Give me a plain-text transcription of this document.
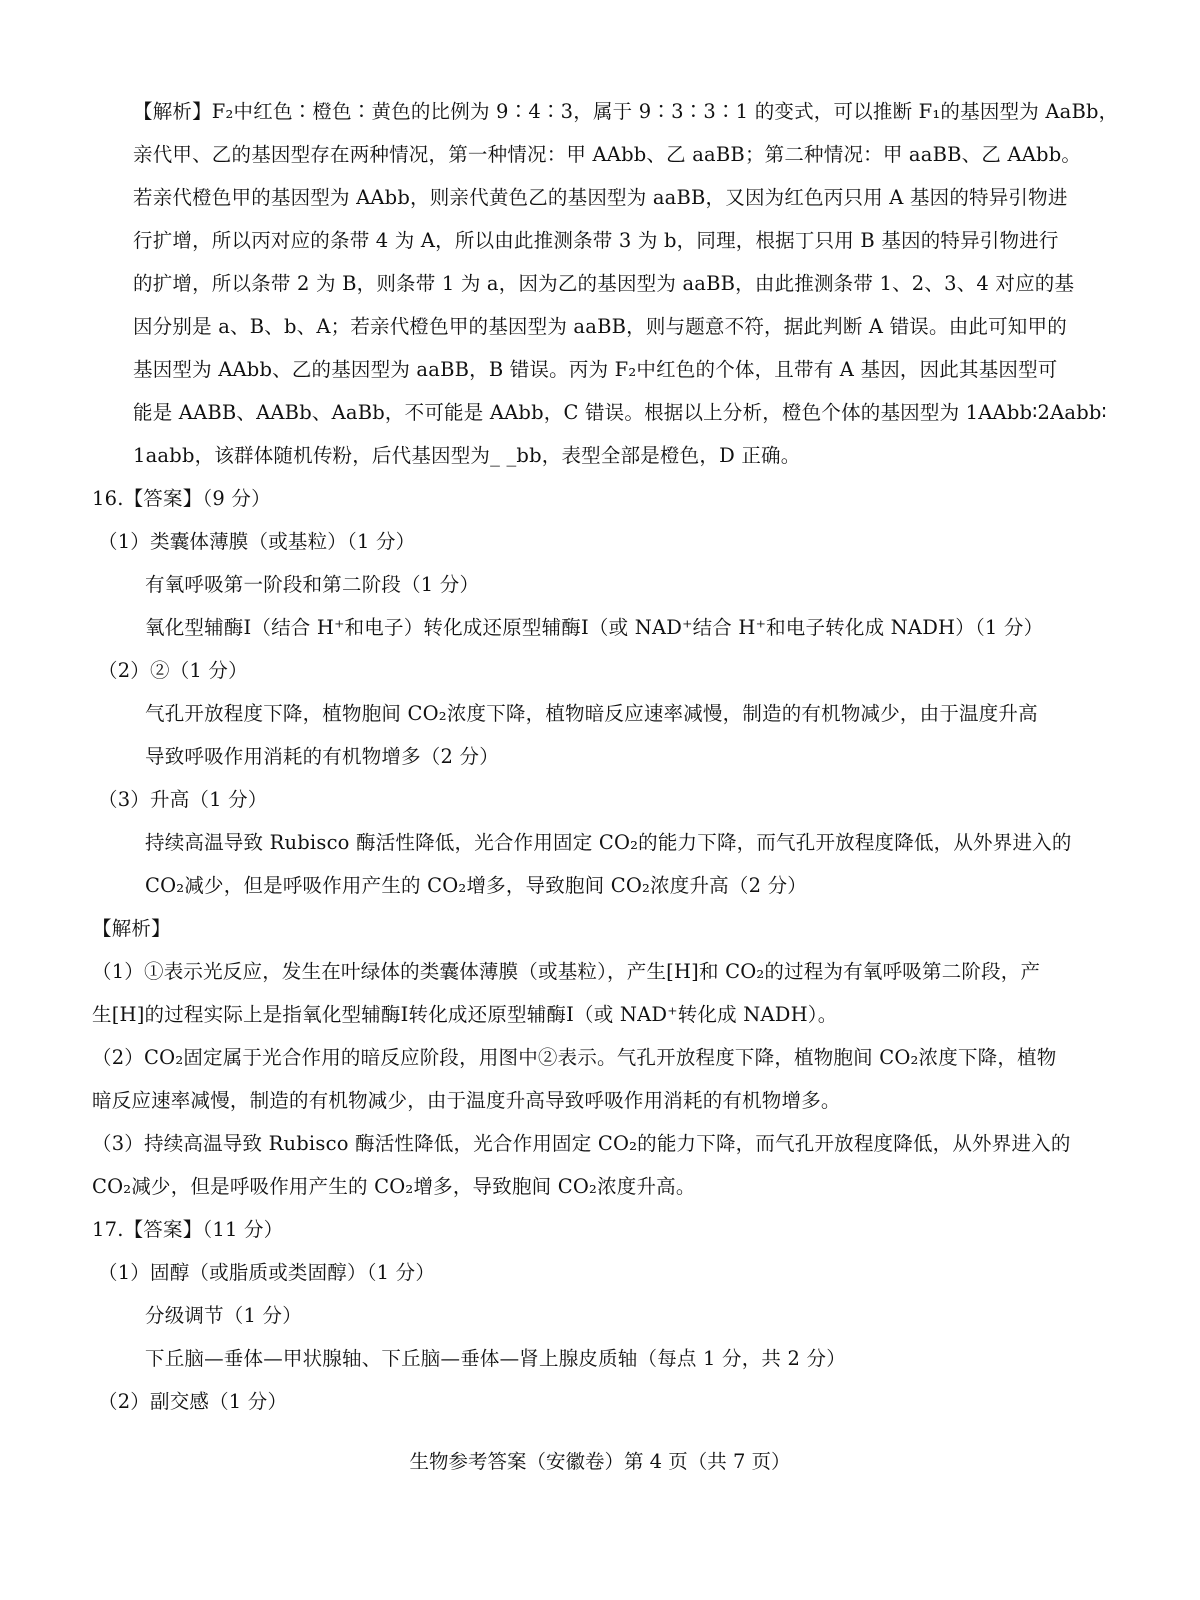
【解析】F₂中红色∶橙色∶黄色的比例为 9∶4∶3，属于 9∶3∶3∶1 的变式，可以推断 F₁的基因型为 AaBb，
亲代甲、乙的基因型存在两种情况，第一种情况：甲 AAbb、乙 aaBB；第二种情况：甲 aaBB、乙 AAbb。
若亲代橙色甲的基因型为 AAbb，则亲代黄色乙的基因型为 aaBB，又因为红色丙只用 A 基因的特异引物进
行扩增，所以丙对应的条带 4 为 A，所以由此推测条带 3 为 b，同理，根据丁只用 B 基因的特异引物进行
的扩增，所以条带 2 为 B，则条带 1 为 a，因为乙的基因型为 aaBB，由此推测条带 1、2、3、4 对应的基
因分别是 a、B、b、A；若亲代橙色甲的基因型为 aaBB，则与题意不符，据此判断 A 错误。由此可知甲的
基因型为 AAbb、乙的基因型为 aaBB，B 错误。丙为 F₂中红色的个体，且带有 A 基因，因此其基因型可
能是 AABB、AABb、AaBb，不可能是 AAbb，C 错误。根据以上分析，橙色个体的基因型为 1AAbb∶2Aabb∶
1aabb，该群体随机传粉，后代基因型为_ _bb，表型全部是橙色，D 正确。
16.【答案】（9 分）
（1）类囊体薄膜（或基粒）（1 分）
有氧呼吸第一阶段和第二阶段（1 分）
氧化型辅酶Ⅰ（结合 H⁺和电子）转化成还原型辅酶Ⅰ（或 NAD⁺结合 H⁺和电子转化成 NADH）（1 分）
（2）②（1 分）
气孔开放程度下降，植物胞间 CO₂浓度下降，植物暗反应速率减慢，制造的有机物减少，由于温度升高
导致呼吸作用消耗的有机物增多（2 分）
（3）升高（1 分）
持续高温导致 Rubisco 酶活性降低，光合作用固定 CO₂的能力下降，而气孔开放程度降低，从外界进入的
CO₂减少，但是呼吸作用产生的 CO₂增多，导致胞间 CO₂浓度升高（2 分）
【解析】
（1）①表示光反应，发生在叶绿体的类囊体薄膜（或基粒），产生[H]和 CO₂的过程为有氧呼吸第二阶段，产
生[H]的过程实际上是指氧化型辅酶Ⅰ转化成还原型辅酶Ⅰ（或 NAD⁺转化成 NADH）。
（2）CO₂固定属于光合作用的暗反应阶段，用图中②表示。气孔开放程度下降，植物胞间 CO₂浓度下降，植物
暗反应速率减慢，制造的有机物减少，由于温度升高导致呼吸作用消耗的有机物增多。
（3）持续高温导致 Rubisco 酶活性降低，光合作用固定 CO₂的能力下降，而气孔开放程度降低，从外界进入的
CO₂减少，但是呼吸作用产生的 CO₂增多，导致胞间 CO₂浓度升高。
17.【答案】（11 分）
（1）固醇（或脂质或类固醇）（1 分）
分级调节（1 分）
下丘脑—垂体—甲状腺轴、下丘脑—垂体—肾上腺皮质轴（每点 1 分，共 2 分）
（2）副交感（1 分）
生物参考答案（安徽卷）第 4 页（共 7 页）
